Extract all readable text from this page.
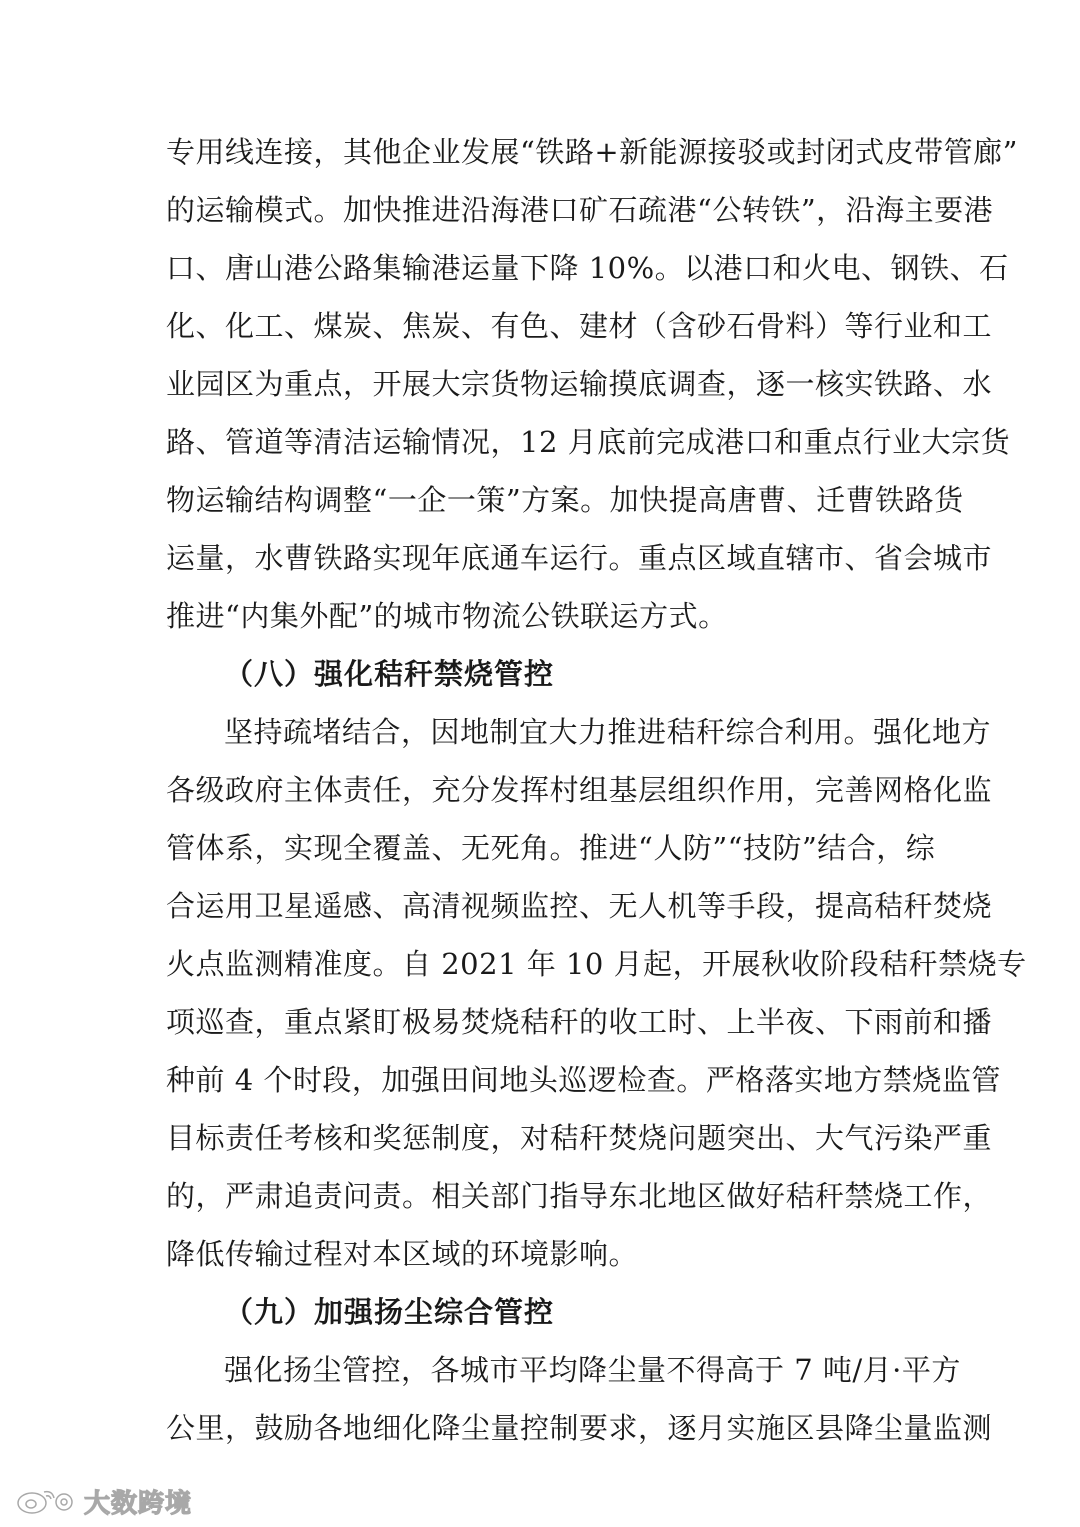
专用线连接，其他企业发展“铁路+新能源接驳或封闭式皮带管廊”
的运输模式。加快推进沿海港口矿石疏港“公转铁”，沿海主要港
口、唐山港公路集输港运量下降 10%。以港口和火电、钢铁、石
化、化工、煤炭、焦炭、有色、建材（含砂石骨料）等行业和工
业园区为重点，开展大宗货物运输摸底调查，逐一核实铁路、水
路、管道等清洁运输情况，12 月底前完成港口和重点行业大宗货
物运输结构调整“一企一策”方案。加快提高唐曹、迁曹铁路货
运量，水曹铁路实现年底通车运行。重点区域直辖市、省会城市
推进“内集外配”的城市物流公铁联运方式。
（八）强化秸秆禁烧管控
坚持疏堵结合，因地制宜大力推进秸秆综合利用。强化地方
各级政府主体责任，充分发挥村组基层组织作用，完善网格化监
管体系，实现全覆盖、无死角。推进“人防”“技防”结合，综
合运用卫星遥感、高清视频监控、无人机等手段，提高秸秆焚烧
火点监测精准度。自 2021 年 10 月起，开展秋收阶段秸秆禁烧专
项巡查，重点紧盯极易焚烧秸秆的收工时、上半夜、下雨前和播
种前 4 个时段，加强田间地头巡逻检查。严格落实地方禁烧监管
目标责任考核和奖惩制度，对秸秆焚烧问题突出、大气污染严重
的，严肃追责问责。相关部门指导东北地区做好秸秆禁烧工作，
降低传输过程对本区域的环境影响。
（九）加强扬尘综合管控
强化扬尘管控，各城市平均降尘量不得高于 7 吨/月·平方
公里，鼓励各地细化降尘量控制要求，逐月实施区县降尘量监测
大数跨境
